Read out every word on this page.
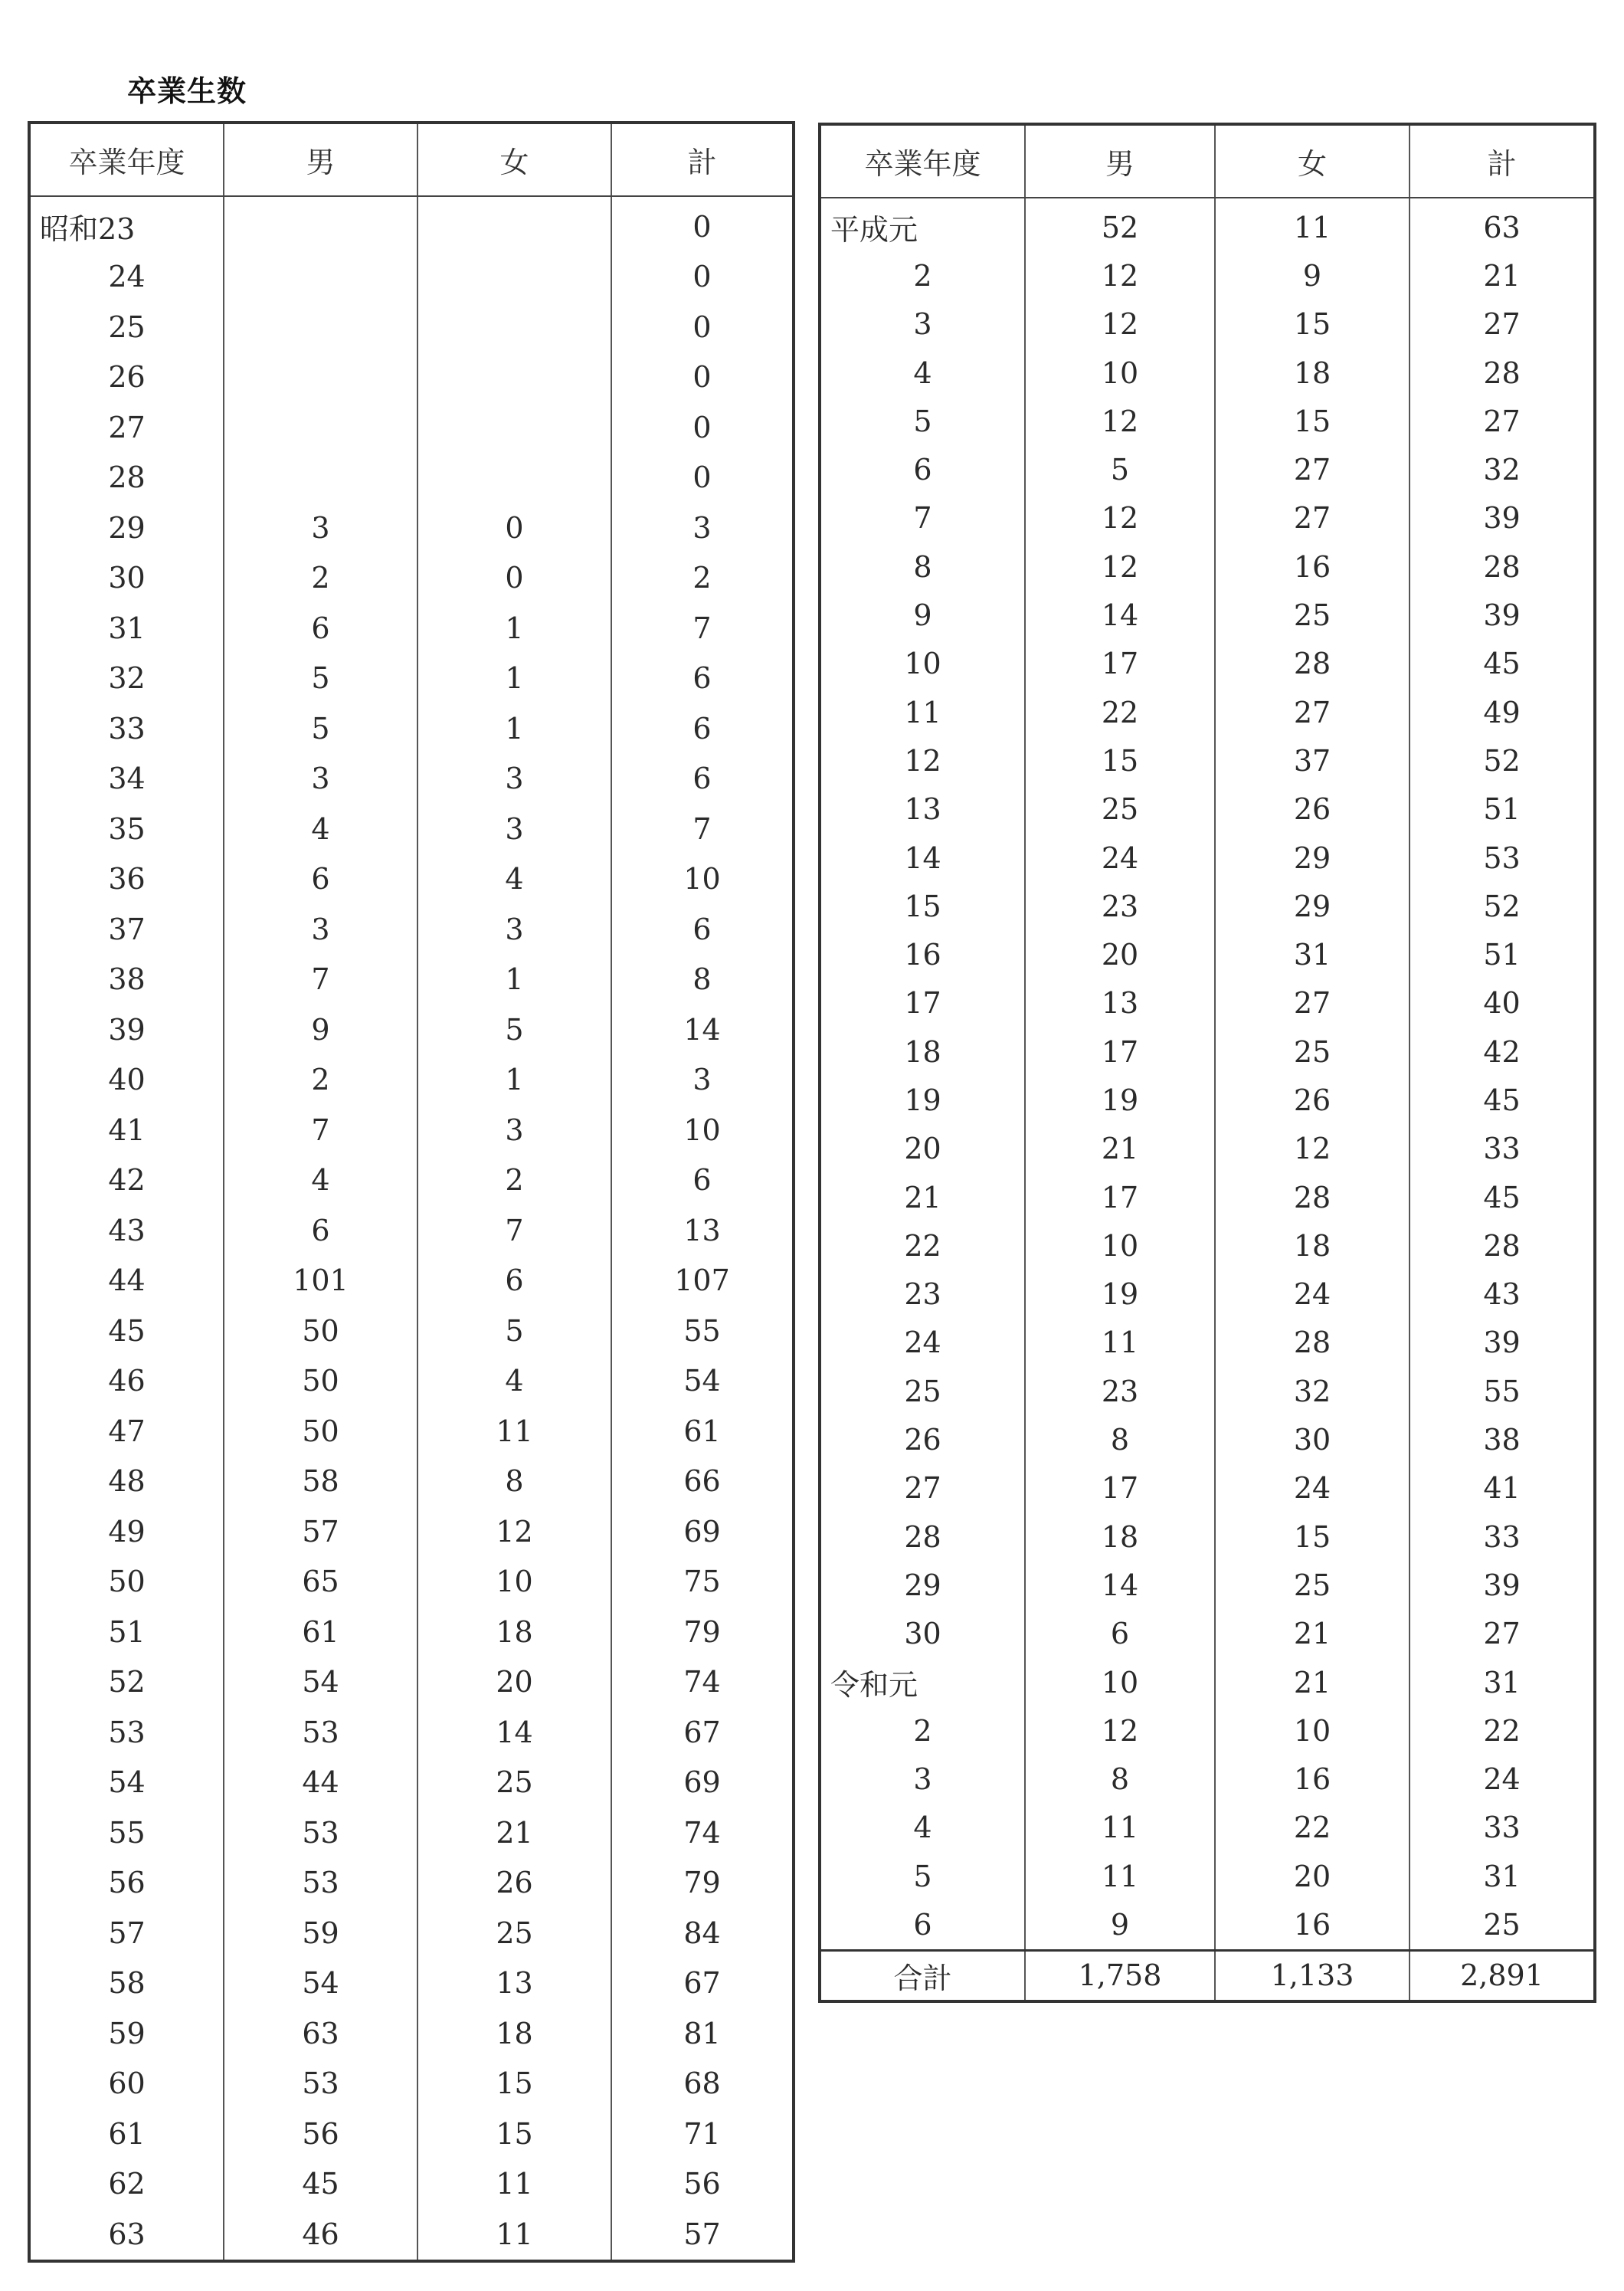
卒業生数
卒業年度	男	女	計
昭和23			0
24			0
25			0
26			0
27			0
28			0
29	3	0	3
30	2	0	2
31	6	1	7
32	5	1	6
33	5	1	6
34	3	3	6
35	4	3	7
36	6	4	10
37	3	3	6
38	7	1	8
39	9	5	14
40	2	1	3
41	7	3	10
42	4	2	6
43	6	7	13
44	101	6	107
45	50	5	55
46	50	4	54
47	50	11	61
48	58	8	66
49	57	12	69
50	65	10	75
51	61	18	79
52	54	20	74
53	53	14	67
54	44	25	69
55	53	21	74
56	53	26	79
57	59	25	84
58	54	13	67
59	63	18	81
60	53	15	68
61	56	15	71
62	45	11	56
63	46	11	57
卒業年度	男	女	計
平成元	52	11	63
2	12	9	21
3	12	15	27
4	10	18	28
5	12	15	27
6	5	27	32
7	12	27	39
8	12	16	28
9	14	25	39
10	17	28	45
11	22	27	49
12	15	37	52
13	25	26	51
14	24	29	53
15	23	29	52
16	20	31	51
17	13	27	40
18	17	25	42
19	19	26	45
20	21	12	33
21	17	28	45
22	10	18	28
23	19	24	43
24	11	28	39
25	23	32	55
26	8	30	38
27	17	24	41
28	18	15	33
29	14	25	39
30	6	21	27
令和元	10	21	31
2	12	10	22
3	8	16	24
4	11	22	33
5	11	20	31
6	9	16	25
合計	1,758	1,133	2,891
